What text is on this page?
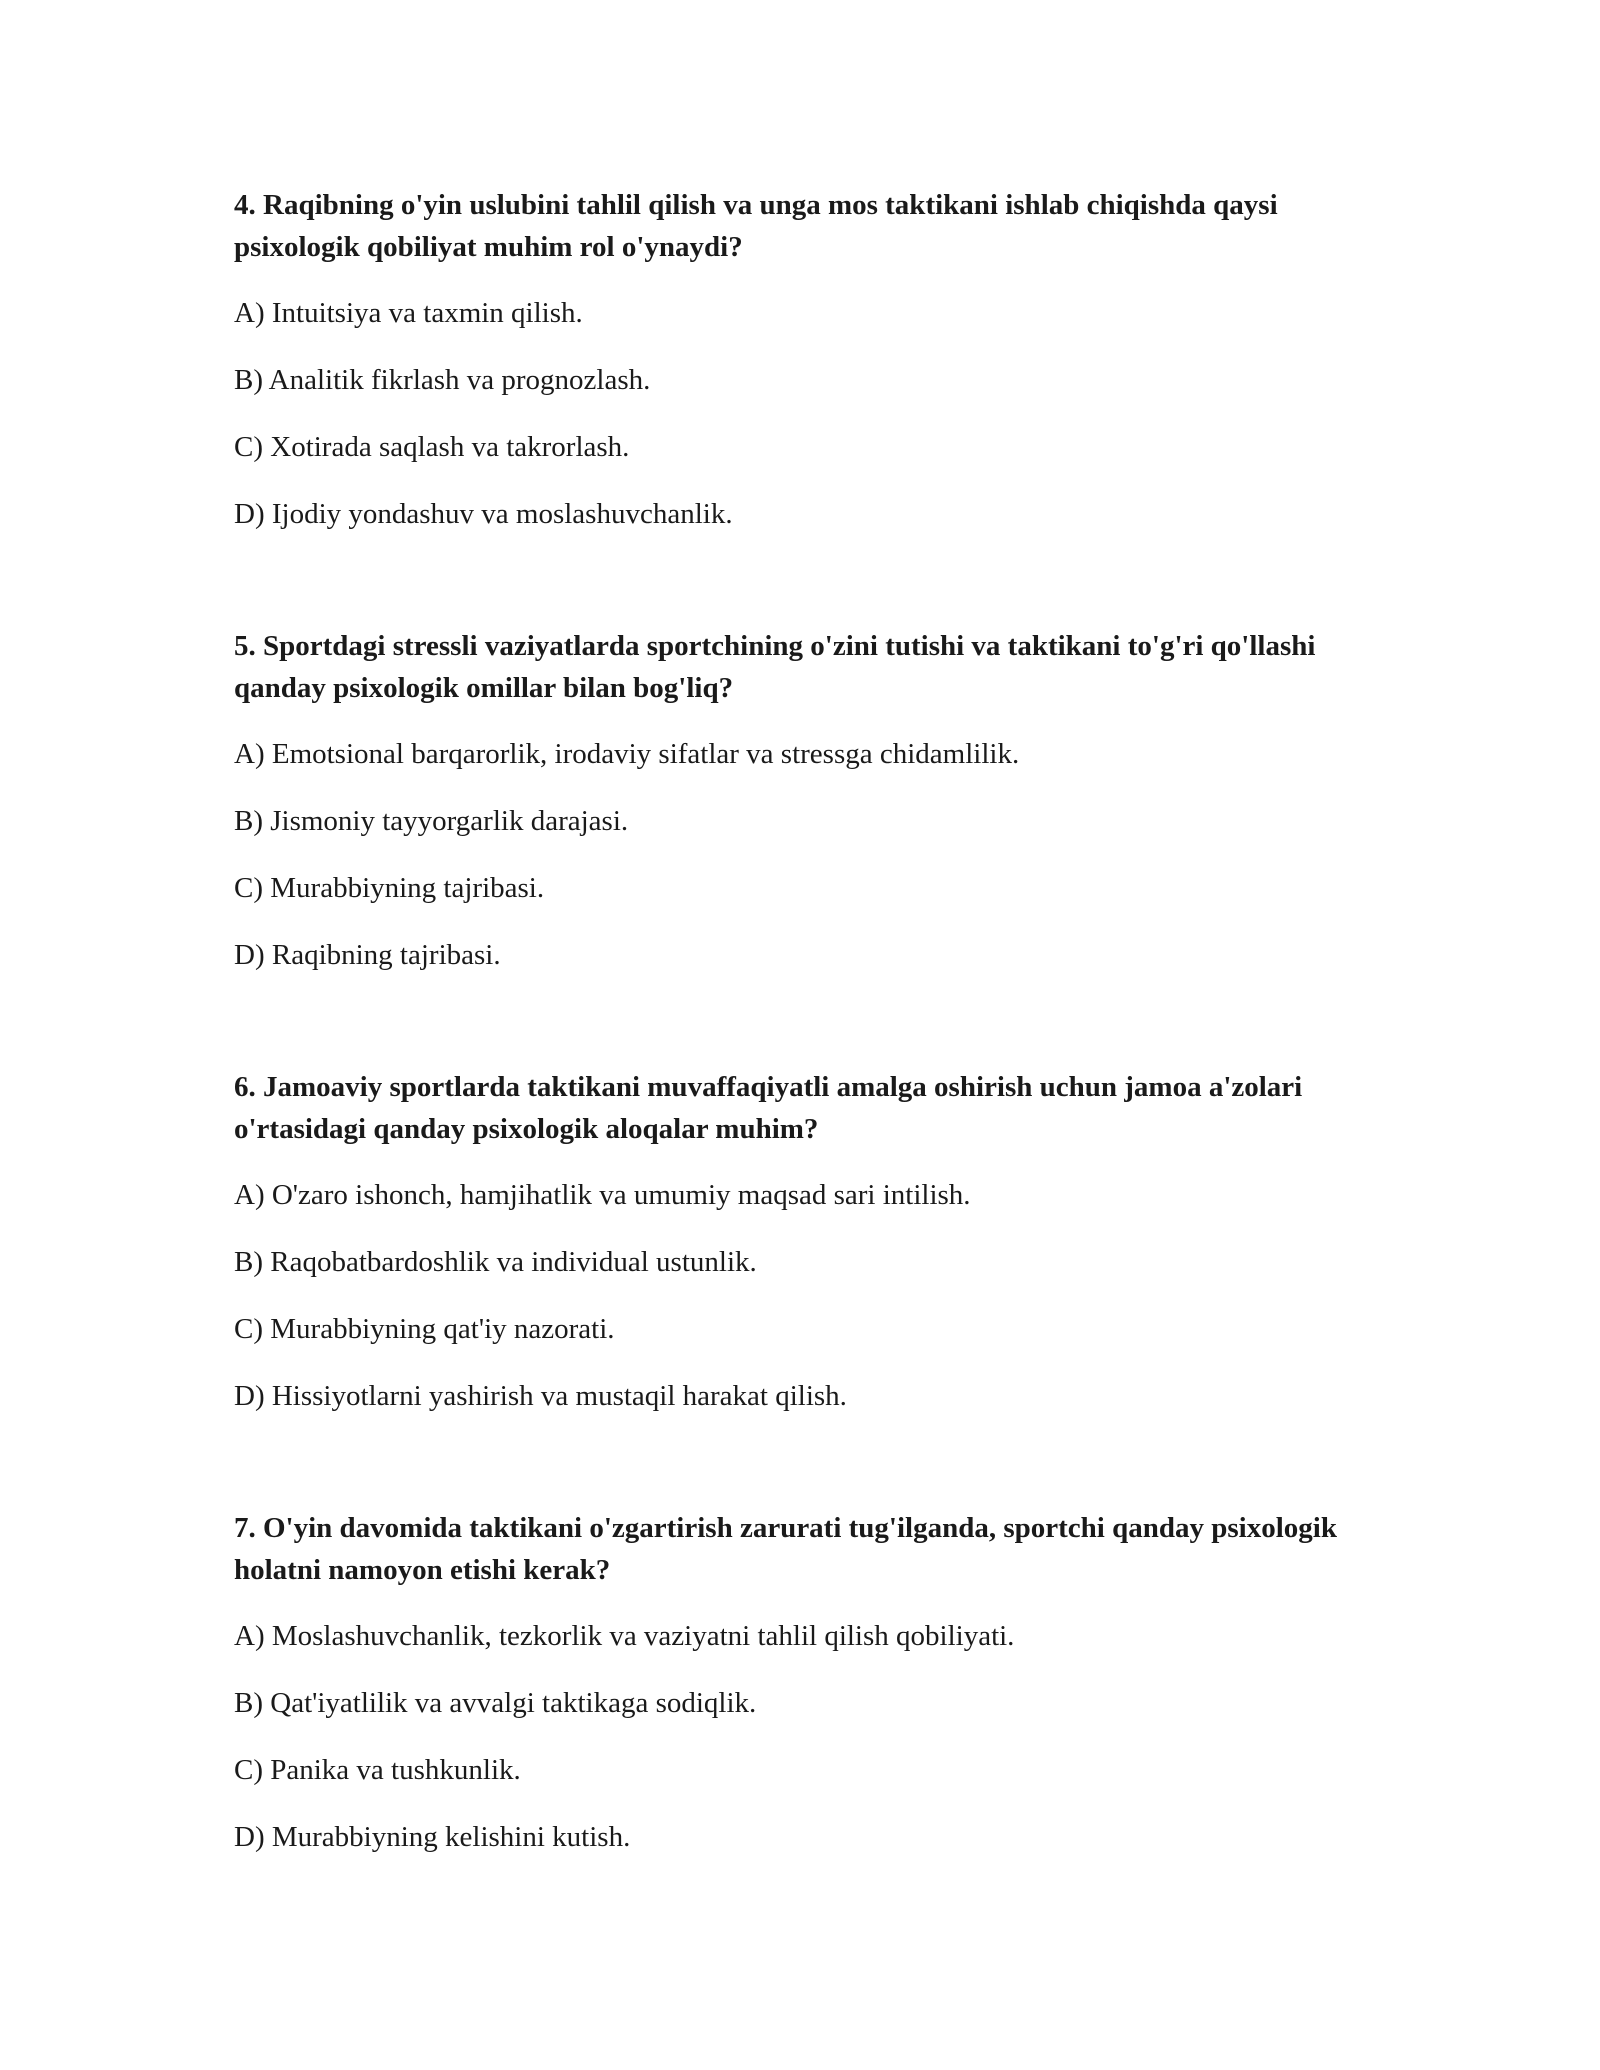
4. Raqibning o'yin uslubini tahlil qilish va unga mos taktikani ishlab chiqishda qaysi psixologik qobiliyat muhim rol o'ynaydi?

A) Intuitsiya va taxmin qilish.
B) Analitik fikrlash va prognozlash.
C) Xotirada saqlash va takrorlash.
D) Ijodiy yondashuv va moslashuvchanlik.

5. Sportdagi stressli vaziyatlarda sportchining o'zini tutishi va taktikani to'g'ri qo'llashi qanday psixologik omillar bilan bog'liq?

A) Emotsional barqarorlik, irodaviy sifatlar va stressga chidamlilik.
B) Jismoniy tayyorgarlik darajasi.
C) Murabbiyning tajribasi.
D) Raqibning tajribasi.

6. Jamoaviy sportlarda taktikani muvaffaqiyatli amalga oshirish uchun jamoa a'zolari o'rtasidagi qanday psixologik aloqalar muhim?

A) O'zaro ishonch, hamjihatlik va umumiy maqsad sari intilish.
B) Raqobatbardoshlik va individual ustunlik.
C) Murabbiyning qat'iy nazorati.
D) Hissiyotlarni yashirish va mustaqil harakat qilish.

7. O'yin davomida taktikani o'zgartirish zarurati tug'ilganda, sportchi qanday psixologik holatni namoyon etishi kerak?

A) Moslashuvchanlik, tezkorlik va vaziyatni tahlil qilish qobiliyati.
B) Qat'iyatlilik va avvalgi taktikaga sodiqlik.
C) Panika va tushkunlik.
D) Murabbiyning kelishini kutish.
